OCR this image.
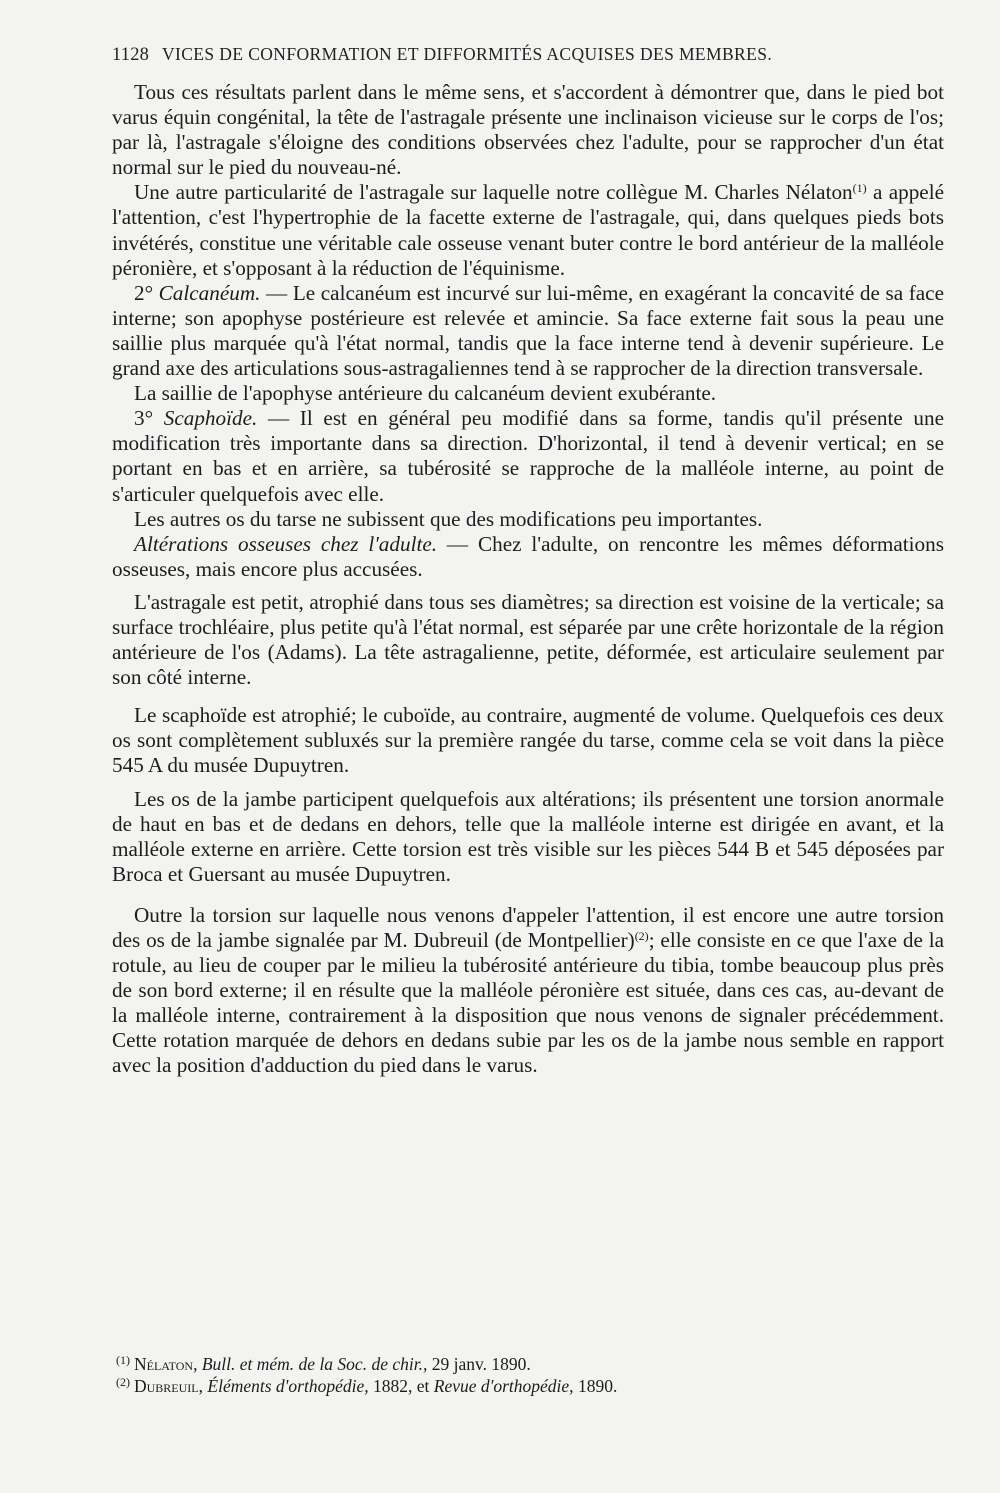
1128 VICES DE CONFORMATION ET DIFFORMITÉS ACQUISES DES MEMBRES.

Tous ces résultats parlent dans le même sens, et s'accordent à démontrer que, dans le pied bot varus équin congénital, la tête de l'astragale présente une inclinaison vicieuse sur le corps de l'os; par là, l'astragale s'éloigne des conditions observées chez l'adulte, pour se rapprocher d'un état normal sur le pied du nouveau-né.

Une autre particularité de l'astragale sur laquelle notre collègue M. Charles Nélaton$^{(1)}$ a appelé l'attention, c'est l'hypertrophie de la facette externe de l'astragale, qui, dans quelques pieds bots invétérés, constitue une véritable cale osseuse venant buter contre le bord antérieur de la malléole péronière, et s'opposant à la réduction de l'équinisme.

2° Calcanéum. — Le calcanéum est incurvé sur lui-même, en exagérant la concavité de sa face interne; son apophyse postérieure est relevée et amincie. Sa face externe fait sous la peau une saillie plus marquée qu'à l'état normal, tandis que la face interne tend à devenir supérieure. Le grand axe des articulations sous-astragaliennes tend à se rapprocher de la direction transversale.

La saillie de l'apophyse antérieure du calcanéum devient exubérante.

3° Scaphoïde. — Il est en général peu modifié dans sa forme, tandis qu'il présente une modification très importante dans sa direction. D'horizontal, il tend à devenir vertical; en se portant en bas et en arrière, sa tubérosité se rapproche de la malléole interne, au point de s'articuler quelquefois avec elle.

Les autres os du tarse ne subissent que des modifications peu importantes.

Altérations osseuses chez l'adulte. — Chez l'adulte, on rencontre les mêmes déformations osseuses, mais encore plus accusées.

L'astragale est petit, atrophié dans tous ses diamètres; sa direction est voisine de la verticale; sa surface trochléaire, plus petite qu'à l'état normal, est séparée par une crête horizontale de la région antérieure de l'os (Adams). La tête astragalienne, petite, déformée, est articulaire seulement par son côté interne.

Le scaphoïde est atrophié; le cuboïde, au contraire, augmenté de volume. Quelquefois ces deux os sont complètement subluxés sur la première rangée du tarse, comme cela se voit dans la pièce 545 A du musée Dupuytren.

Les os de la jambe participent quelquefois aux altérations; ils présentent une torsion anormale de haut en bas et de dedans en dehors, telle que la malléole interne est dirigée en avant, et la malléole externe en arrière. Cette torsion est très visible sur les pièces 544 B et 545 déposées par Broca et Guersant au musée Dupuytren.

Outre la torsion sur laquelle nous venons d'appeler l'attention, il est encore une autre torsion des os de la jambe signalée par M. Dubreuil (de Montpellier)$^{(2)}$; elle consiste en ce que l'axe de la rotule, au lieu de couper par le milieu la tubérosité antérieure du tibia, tombe beaucoup plus près de son bord externe; il en résulte que la malléole péronière est située, dans ces cas, au-devant de la malléole interne, contrairement à la disposition que nous venons de signaler précédemment. Cette rotation marquée de dehors en dedans subie par les os de la jambe nous semble en rapport avec la position d'adduction du pied dans le varus.

$^{(1)}$ Nélaton, Bull. et mém. de la Soc. de chir., 29 janv. 1890.

$^{(2)}$ Dubreuil, Éléments d'orthopédie, 1882, et Revue d'orthopédie, 1890.
